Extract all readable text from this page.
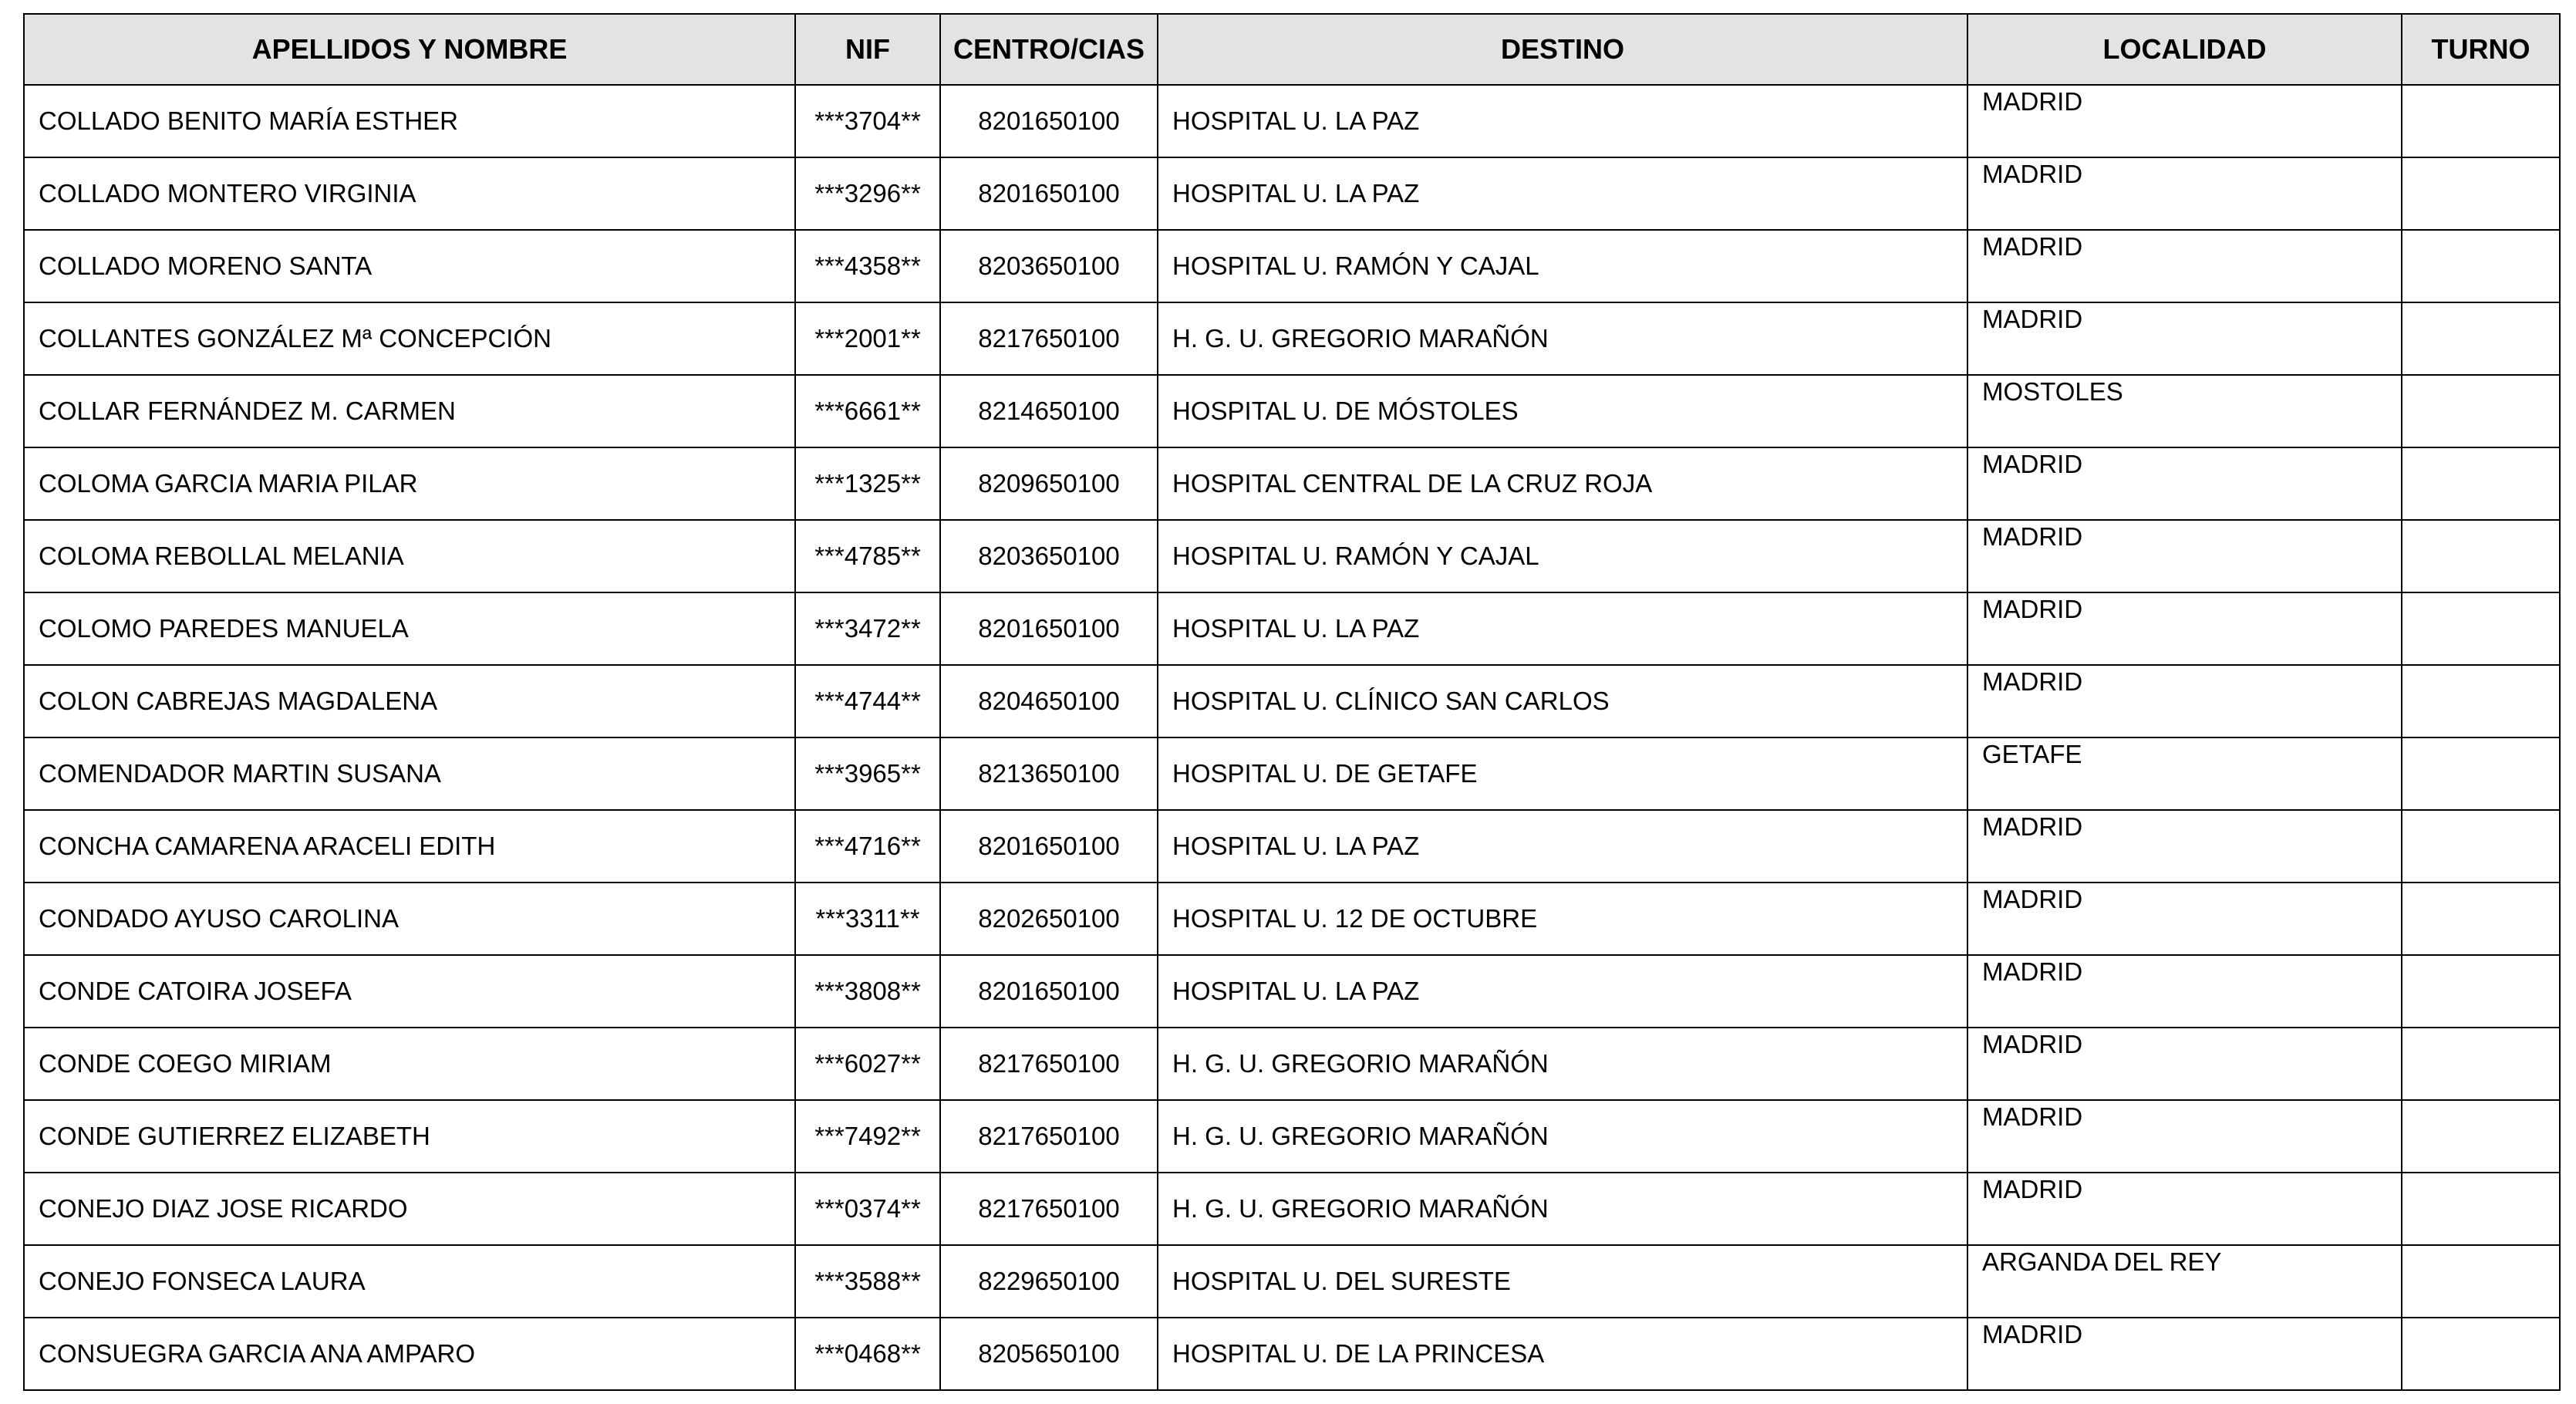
APELLIDOS Y NOMBRE	NIF	CENTRO/CIAS	DESTINO	LOCALIDAD	TURNO
COLLADO BENITO MARÍA ESTHER	***3704**	8201650100	HOSPITAL U. LA PAZ	MADRID	
COLLADO MONTERO VIRGINIA	***3296**	8201650100	HOSPITAL U. LA PAZ	MADRID	
COLLADO MORENO SANTA	***4358**	8203650100	HOSPITAL U. RAMÓN Y CAJAL	MADRID	
COLLANTES GONZÁLEZ Mª CONCEPCIÓN	***2001**	8217650100	H. G. U. GREGORIO MARAÑÓN	MADRID	
COLLAR FERNÁNDEZ M. CARMEN	***6661**	8214650100	HOSPITAL U. DE MÓSTOLES	MOSTOLES	
COLOMA GARCIA MARIA PILAR	***1325**	8209650100	HOSPITAL CENTRAL DE LA CRUZ ROJA	MADRID	
COLOMA REBOLLAL MELANIA	***4785**	8203650100	HOSPITAL U. RAMÓN Y CAJAL	MADRID	
COLOMO PAREDES MANUELA	***3472**	8201650100	HOSPITAL U. LA PAZ	MADRID	
COLON CABREJAS MAGDALENA	***4744**	8204650100	HOSPITAL U. CLÍNICO SAN CARLOS	MADRID	
COMENDADOR MARTIN SUSANA	***3965**	8213650100	HOSPITAL U. DE GETAFE	GETAFE	
CONCHA CAMARENA ARACELI EDITH	***4716**	8201650100	HOSPITAL U. LA PAZ	MADRID	
CONDADO AYUSO CAROLINA	***3311**	8202650100	HOSPITAL U. 12 DE OCTUBRE	MADRID	
CONDE CATOIRA JOSEFA	***3808**	8201650100	HOSPITAL U. LA PAZ	MADRID	
CONDE COEGO MIRIAM	***6027**	8217650100	H. G. U. GREGORIO MARAÑÓN	MADRID	
CONDE GUTIERREZ ELIZABETH	***7492**	8217650100	H. G. U. GREGORIO MARAÑÓN	MADRID	
CONEJO DIAZ JOSE RICARDO	***0374**	8217650100	H. G. U. GREGORIO MARAÑÓN	MADRID	
CONEJO FONSECA LAURA	***3588**	8229650100	HOSPITAL U. DEL SURESTE	ARGANDA DEL REY	
CONSUEGRA GARCIA ANA AMPARO	***0468**	8205650100	HOSPITAL U. DE LA PRINCESA	MADRID	
